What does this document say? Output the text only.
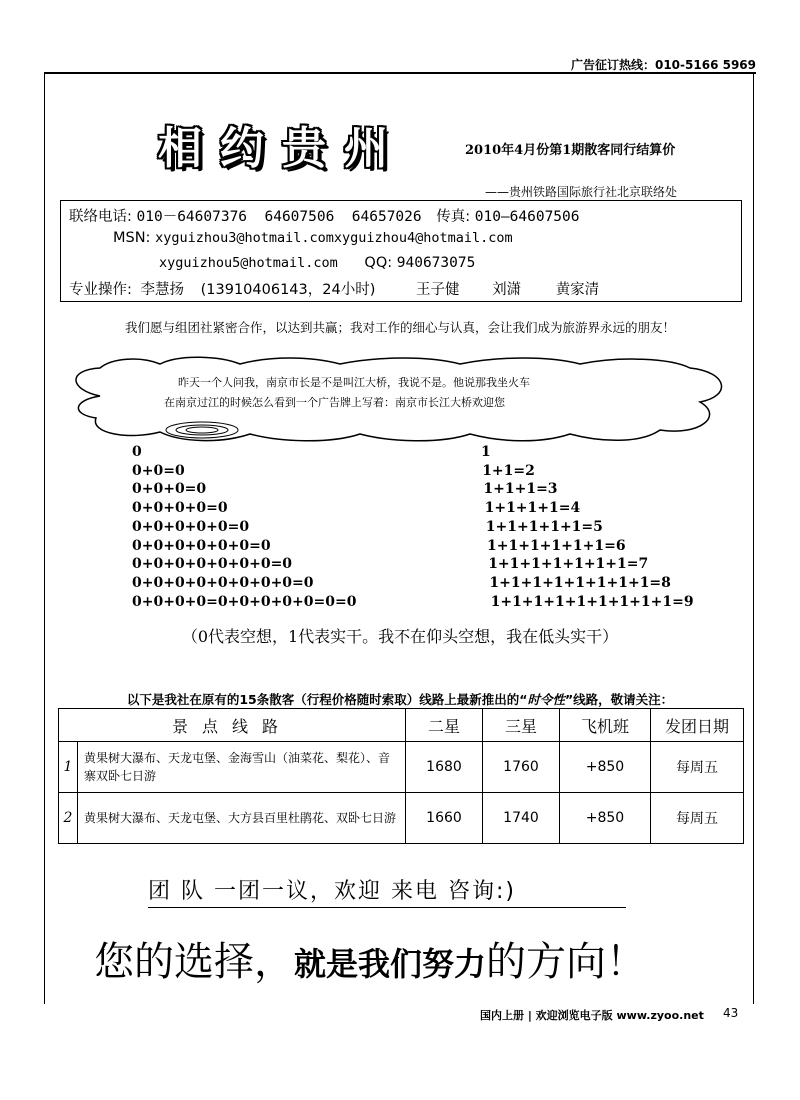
广告征订热线：010-5166 5969
相约贵州	2010年4月份第1期散客同行结算价
——贵州铁路国际旅行社北京联络处
联络电话: 010－64607376  64607506  64657026 传真: 010—64607506
MSN: xyguizhou3@hotmail.comxyguizhou4@hotmail.com
xyguizhou5@hotmail.com QQ: 940673075
专业操作: 李慧扬 (13910406143，24小时)	王子健 刘潇 黄家清
我们愿与组团社紧密合作，以达到共赢；我对工作的细心与认真，会让我们成为旅游界永远的朋友！
昨天一个人问我，南京市长是不是叫江大桥，我说不是。他说那我坐火车
在南京过江的时候怎么看到一个广告牌上写着：南京市长江大桥欢迎您
0
0+0=0
0+0+0=0
0+0+0+0=0
0+0+0+0+0=0
0+0+0+0+0+0=0
0+0+0+0+0+0+0=0
0+0+0+0+0+0+0+0=0
0+0+0+0=0+0+0+0+0=0=0
1
1+1=2
1+1+1=3
1+1+1+1=4
1+1+1+1+1=5
1+1+1+1+1+1=6
1+1+1+1+1+1+1=7
1+1+1+1+1+1+1+1=8
1+1+1+1+1+1+1+1+1=9
（0代表空想，1代表实干。我不在仰头空想，我在低头实干）
以下是我社在原有的15条散客（行程价格随时索取）线路上最新推出的“时令性”线路，敬请关注：
景点线路		二星	三星	飞机班	发团日期
1	黄果树大瀑布、天龙屯堡、金海雪山（油菜花、梨花）、音寨双卧七日游	1680	1760	+850	每周五
2	黄果树大瀑布、天龙屯堡、大方县百里杜鹃花、双卧七日游	1660	1740	+850	每周五
团 队 一团一议，欢迎 来电 咨询:)
您的选择，就是我们努力的方向！
国内上册 | 欢迎浏览电子版 www.zyoo.net 43
